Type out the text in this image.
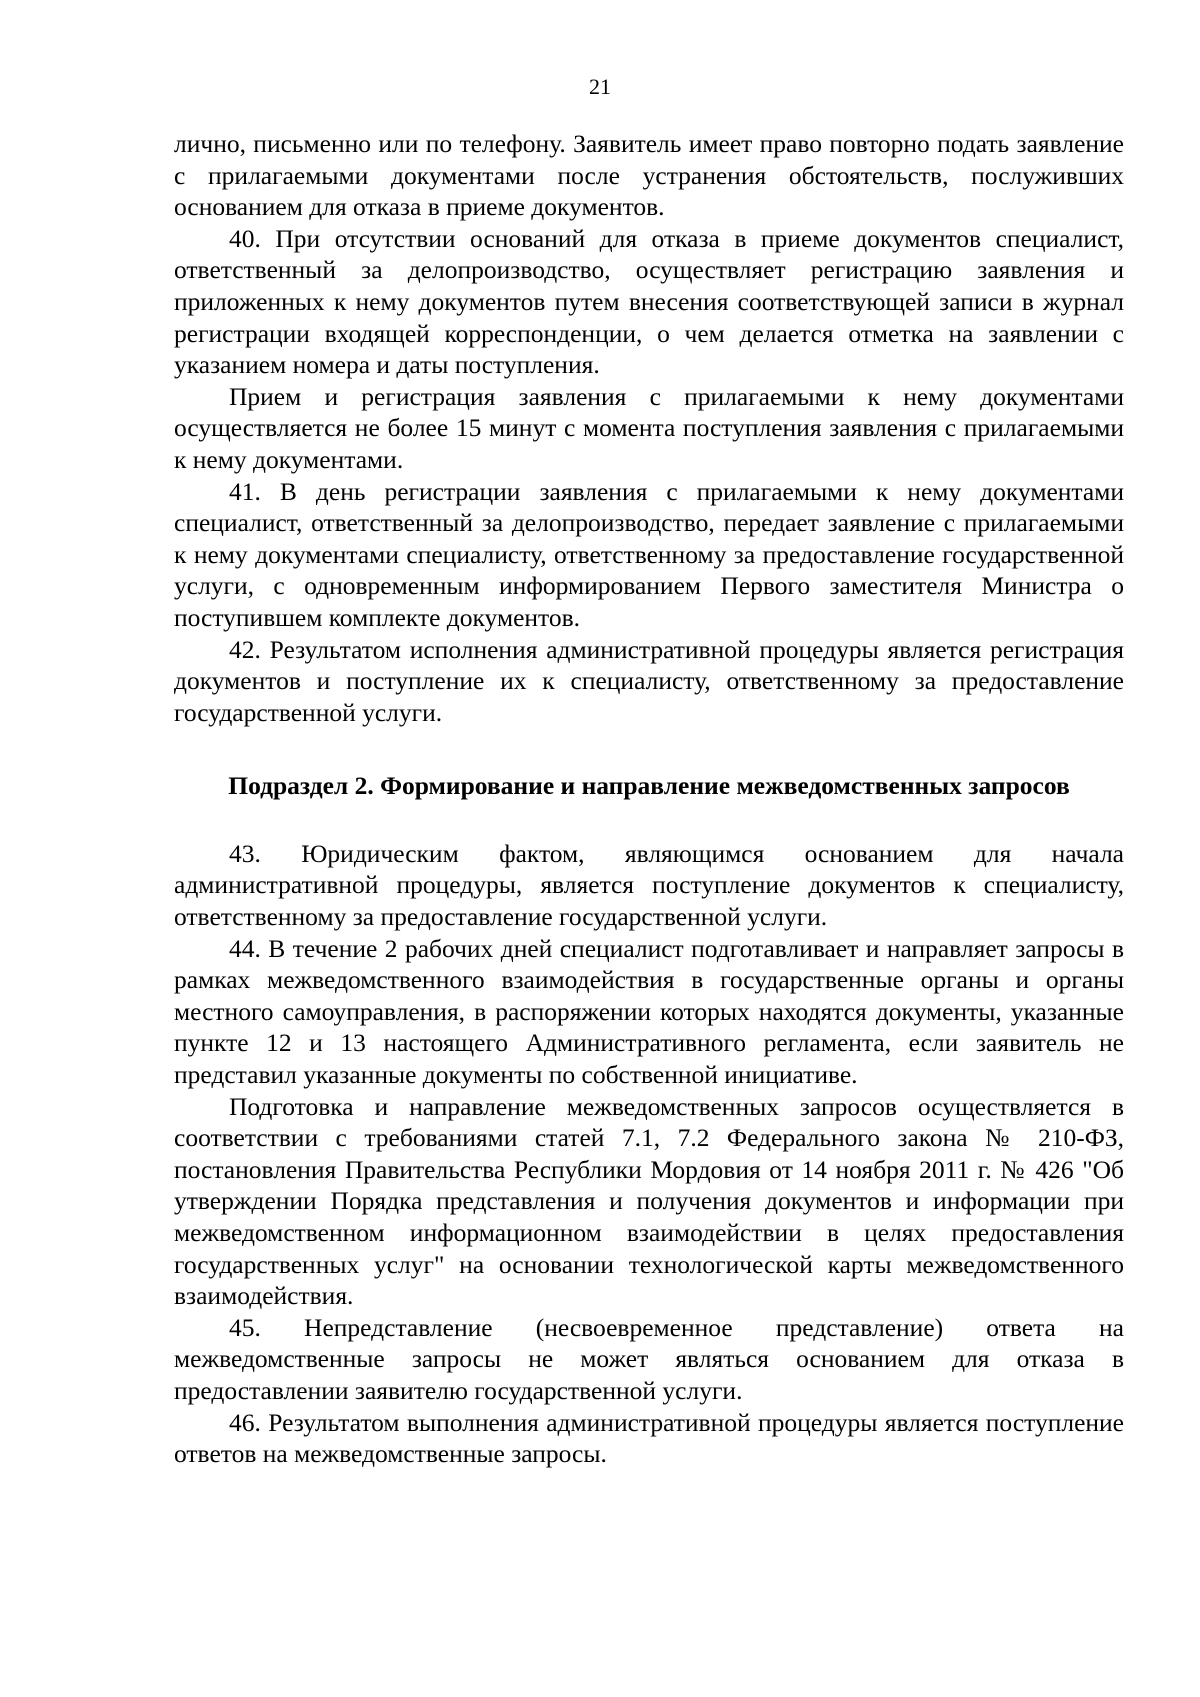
21

лично, письменно или по телефону. Заявитель имеет право повторно подать заявление с прилагаемыми документами после устранения обстоятельств, послуживших основанием для отказа в приеме документов.

40. При отсутствии оснований для отказа в приеме документов специалист, ответственный за делопроизводство, осуществляет регистрацию заявления и приложенных к нему документов путем внесения соответствующей записи в журнал регистрации входящей корреспонденции, о чем делается отметка на заявлении с указанием номера и даты поступления.

Прием и регистрация заявления с прилагаемыми к нему документами осуществляется не более 15 минут с момента поступления заявления с прилагаемыми к нему документами.

41. В день регистрации заявления с прилагаемыми к нему документами специалист, ответственный за делопроизводство, передает заявление с прилагаемыми к нему документами специалисту, ответственному за предоставление государственной услуги, с одновременным информированием Первого заместителя Министра о поступившем комплекте документов.

42. Результатом исполнения административной процедуры является регистрация документов и поступление их к специалисту, ответственному за предоставление государственной услуги.

Подраздел 2. Формирование и направление межведомственных запросов

43. Юридическим фактом, являющимся основанием для начала административной процедуры, является поступление документов к специалисту, ответственному за предоставление государственной услуги.

44. В течение 2 рабочих дней специалист подготавливает и направляет запросы в рамках межведомственного взаимодействия в государственные органы и органы местного самоуправления, в распоряжении которых находятся документы, указанные пункте 12 и 13 настоящего Административного регламента, если заявитель не представил указанные документы по собственной инициативе.

Подготовка и направление межведомственных запросов осуществляется в соответствии с требованиями статей 7.1, 7.2 Федерального закона № 210-ФЗ, постановления Правительства Республики Мордовия от 14 ноября 2011 г. № 426 "Об утверждении Порядка представления и получения документов и информации при межведомственном информационном взаимодействии в целях предоставления государственных услуг" на основании технологической карты межведомственного взаимодействия.

45. Непредставление (несвоевременное представление) ответа на межведомственные запросы не может являться основанием для отказа в предоставлении заявителю государственной услуги.

46. Результатом выполнения административной процедуры является поступление ответов на межведомственные запросы.
